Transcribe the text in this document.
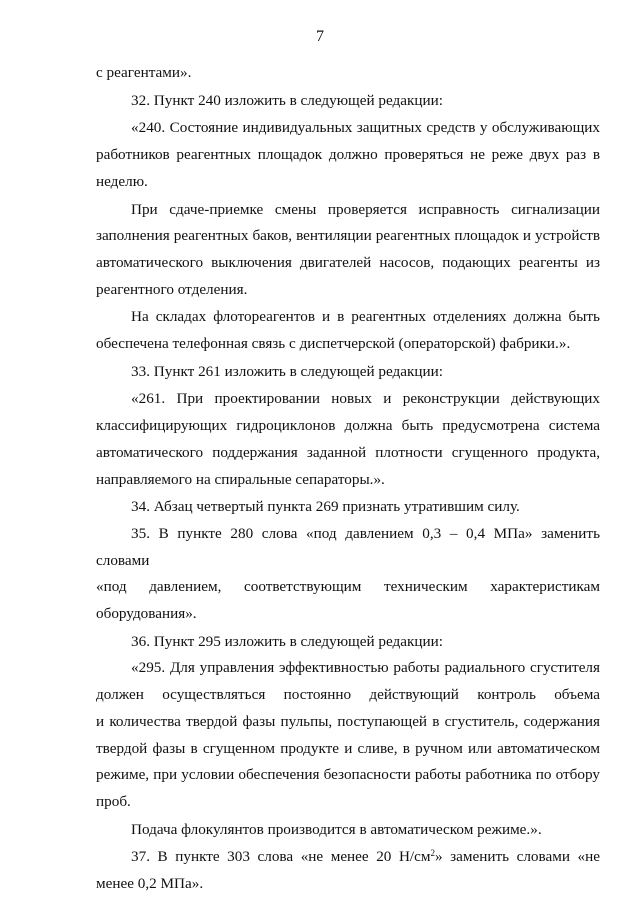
7

с реагентами».

32. Пункт 240 изложить в следующей редакции:

«240. Состояние индивидуальных защитных средств у обслуживающих работников реагентных площадок должно проверяться не реже двух раз в неделю.

При сдаче-приемке смены проверяется исправность сигнализации заполнения реагентных баков, вентиляции реагентных площадок и устройств автоматического выключения двигателей насосов, подающих реагенты из реагентного отделения.

На складах флотореагентов и в реагентных отделениях должна быть обеспечена телефонная связь с диспетчерской (операторской) фабрики.».

33. Пункт 261 изложить в следующей редакции:

«261. При проектировании новых и реконструкции действующих классифицирующих гидроциклонов должна быть предусмотрена система автоматического поддержания заданной плотности сгущенного продукта, направляемого на спиральные сепараторы.».

34. Абзац четвертый пункта 269 признать утратившим силу.

35. В пункте 280 слова «под давлением 0,3 – 0,4 МПа» заменить словами

«под давлением, соответствующим техническим характеристикам

оборудования».

36. Пункт 295 изложить в следующей редакции:

«295. Для управления эффективностью работы радиального сгустителя

должен осуществляться постоянно действующий контроль объема

и количества твердой фазы пульпы, поступающей в сгуститель, содержания твердой фазы в сгущенном продукте и сливе, в ручном или автоматическом режиме, при условии обеспечения безопасности работы работника по отбору проб.

Подача флокулянтов производится в автоматическом режиме.».

37. В пункте 303 слова «не менее 20 $Н/см^2$» заменить словами «не менее 0,2 МПа».
